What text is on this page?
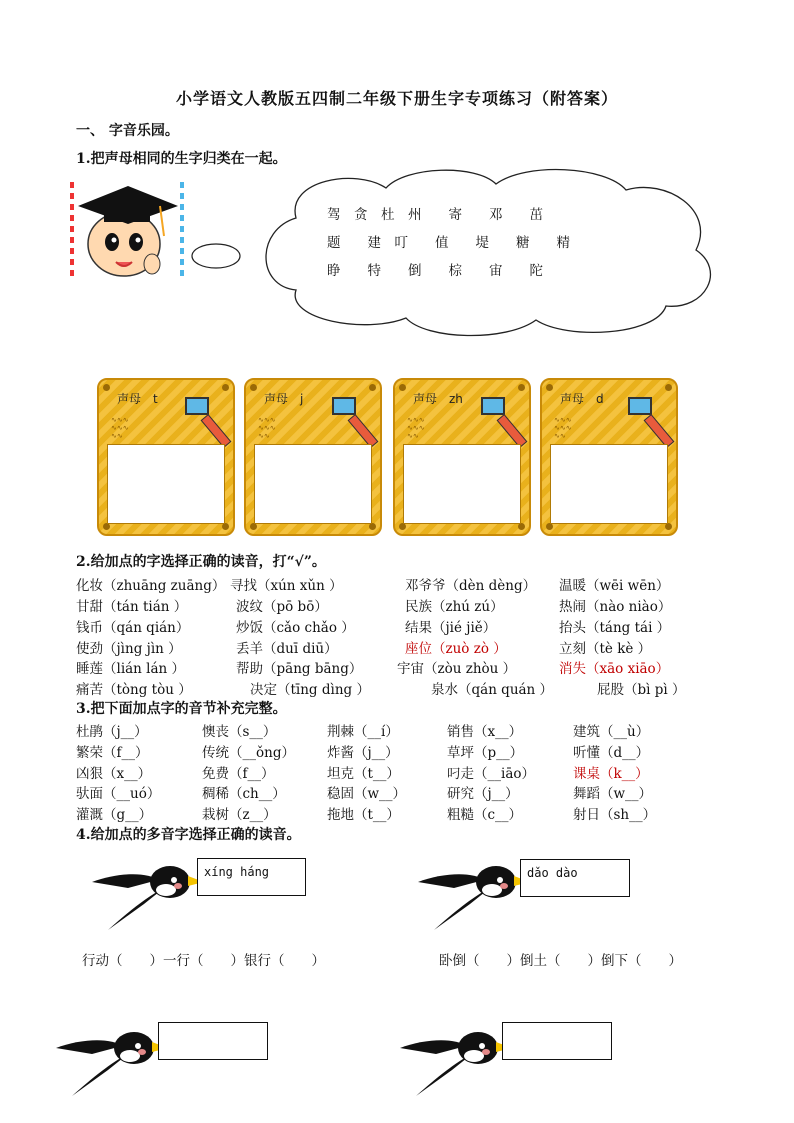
小学语文人教版五四制二年级下册生字专项练习（附答案）
一、 字音乐园。
1.把声母相同的生字归类在一起。
驾　贪　杜　州　　寄　　邓　　茁
题　　建　叮　　值　　堤　　糖　　精
睁　　特　　倒　　棕　　宙　　陀
声母　t
∿∿∿
∿∿∿
∿∿
声母　j
∿∿∿
∿∿∿
∿∿
声母　zh
∿∿∿
∿∿∿
∿∿
声母　d
∿∿∿
∿∿∿
∿∿
2.给加点的字选择正确的读音，打“√”。
化妆（zhuāng zuāng） 寻找（xún xǔn ）	邓爷爷（dèn dèng） 温暖（wēi wēn）
甘甜（tán tián ）	波纹（pō bō）	民族（zhú zú）	热闹（nào niào）
钱币（qán qián）	炒饭（cǎo chǎo ）	结果（jié jiě）	抬头（táng tái ）
使劲（jìng jìn ）	丢羊（duī diū）	座位（zuò zò ）	立刻（tè kè ）
睡莲（lián lán ）	帮助（pāng bāng）	宇宙（zòu zhòu ）	消失（xāo xiāo）
痛苦（tòng tòu ）	决定（tīng dìng ）	泉水（qán quán ）	屁股（bì pì ）
3.把下面加点字的音节补充完整。
杜鹃（j__）	懊丧（s__）	荆棘（__í）	销售（x__）	建筑（__ù）
繁荣（f__）	传统（__ǒng） 炸酱（j__）	草坪（p__）	听懂（d__）
凶狠（x__）	免费（f__）	坦克（t__）	叼走（__iāo）	课桌（k__）
驮面（__uó）	稠稀（ch__）	稳固（w__）	研究（j__）	舞蹈（w__）
灌溉（g__）	栽树（z__）	拖地（t__）	粗糙（c__）	射日（sh__）
4.给加点的多音字选择正确的读音。
xíng háng	dǎo dào
行动（　　）一行（　　）银行（　　）	卧倒（　　）倒土（　　）倒下（　　）
